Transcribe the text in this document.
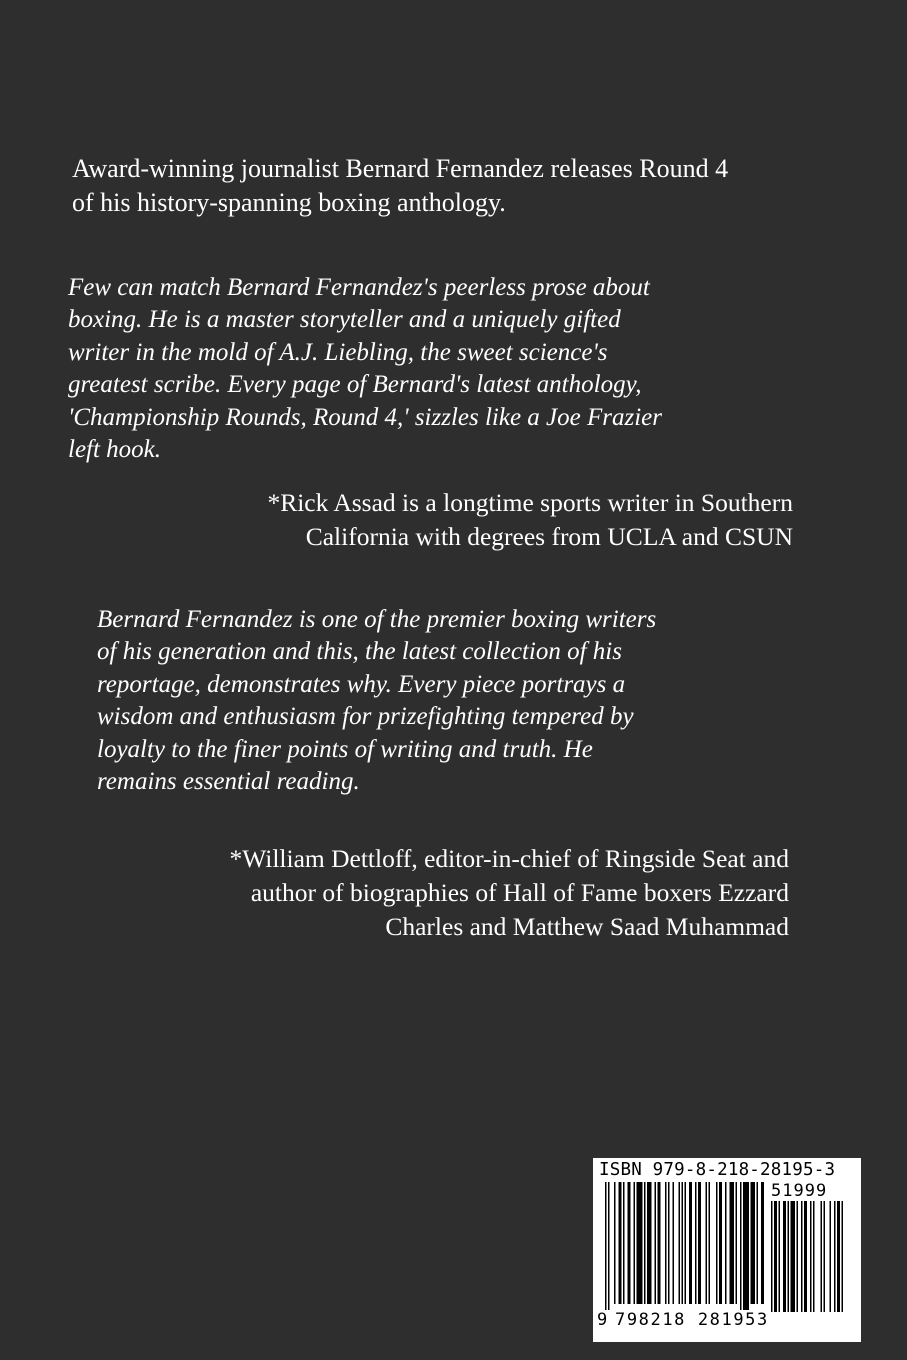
Award-winning journalist Bernard Fernandez releases Round 4
of his history-spanning boxing anthology.
Few can match Bernard Fernandez's peerless prose about
boxing. He is a master storyteller and a uniquely gifted
writer in the mold of A.J. Liebling, the sweet science's
greatest scribe. Every page of Bernard's latest anthology,
'Championship Rounds, Round 4,' sizzles like a Joe Frazier
left hook.
*Rick Assad is a longtime sports writer in Southern
California with degrees from UCLA and CSUN
Bernard Fernandez is one of the premier boxing writers
of his generation and this, the latest collection of his
reportage, demonstrates why. Every piece portrays a
wisdom and enthusiasm for prizefighting tempered by
loyalty to the finer points of writing and truth. He
remains essential reading.
*William Dettloff, editor-in-chief of Ringside Seat and
author of biographies of Hall of Fame boxers Ezzard
Charles and Matthew Saad Muhammad
ISBN 979-8-218-28195-3
51999
9 798218 281953
